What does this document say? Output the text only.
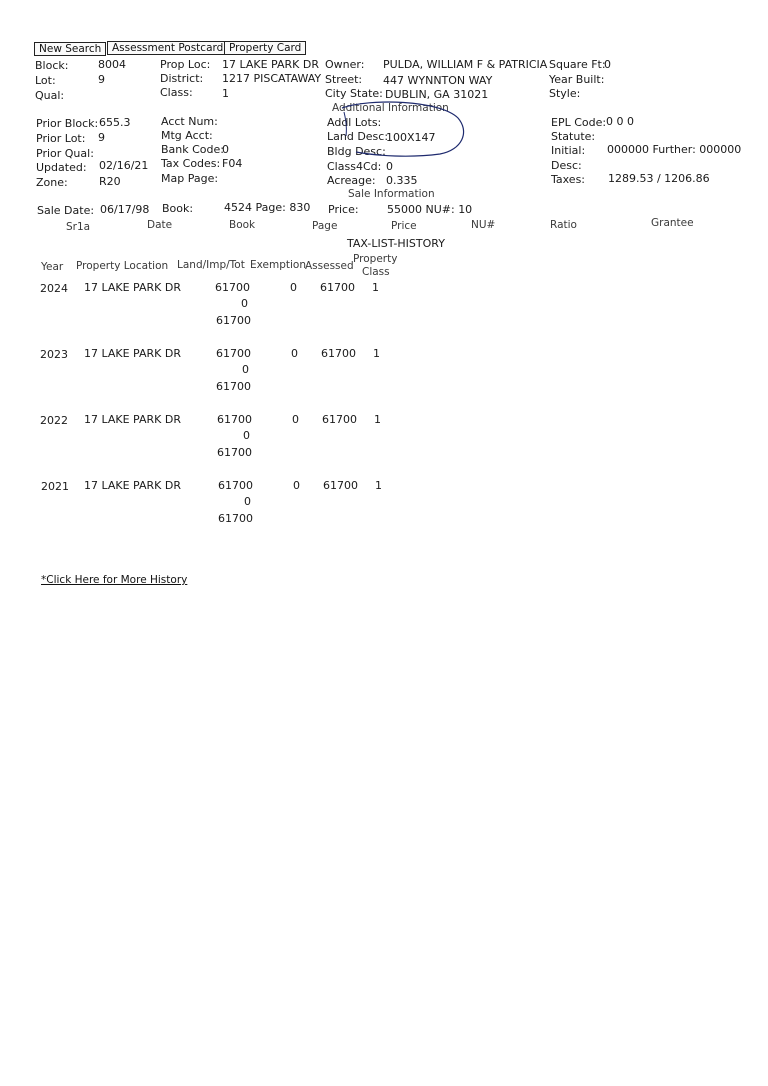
New Search	Assessment Postcard Property Card
Block:	8004
Lot:	9
Qual:
Prop Loc: 17 LAKE PARK DR
District: 1217 PISCATAWAY
Class:	1
Owner: PULDA, WILLIAM F & PATRICIA
Street: 447 WYNNTON WAY
City State: DUBLIN, GA 31021
Square Ft:
0
Year Built:
Style:
Additional Information
Prior Block: 655.3
Prior Lot: 9
Prior Qual:
Updated: 02/16/21
Zone:	R20
Acct Num:
Mtg Acct:
Bank Code:
0
Tax Codes: F04
Map Page:
Addl Lots:
Land Desc:
100X147
Bldg Desc:
Class4Cd: 0
Acreage: 0.335
EPL Code: 0 0 0
Statute:
Initial: 000000 Further: 000000
Desc:
Taxes: 1289.53 / 1206.86
Sale Information
Sale Date: 06/17/98 Book:	4524 Page: 830 Price:	55000 NU#: 10
Sr1a	Date	Book	Page	Price	NU#	Ratio	Grantee
TAX-LIST-HISTORY
Year Property Location Land/Imp/Tot Exemption Assessed
Property
Class
2024 17 LAKE PARK DR	61700
0
61700
0 61700 1
2023 17 LAKE PARK DR	61700
0
61700
0 61700 1
2022 17 LAKE PARK DR	61700
0
61700
0 61700 1
2021 17 LAKE PARK DR	61700
0
61700
0 61700 1
*Click Here for More History
